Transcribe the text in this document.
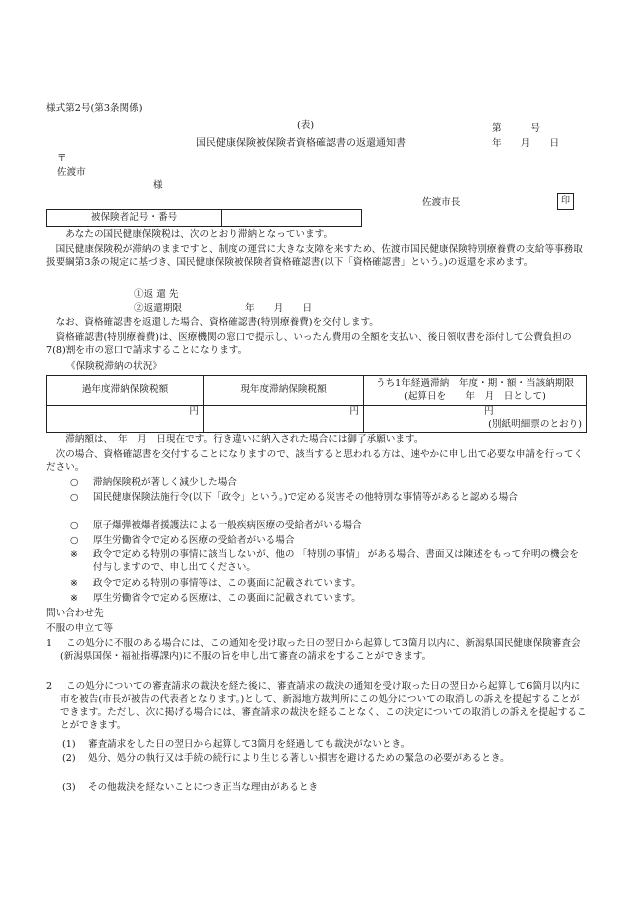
様式第2号(第3条関係)
(表)
国民健康保険被保険者資格確認書の返還通知書
第　　　号
年　　月　　日
〒
佐渡市
様
佐渡市長	印
被保険者記号・番号	
あなたの国民健康保険税は、次のとおり滞納となっています。
国民健康保険税が滞納のままですと、制度の運営に大きな支障を来すため、佐渡市国民健康保険特別療養費の支給等事務取扱要綱第3条の規定に基づき、国民健康保険被保険者資格確認書(以下「資格確認書」という。)の返還を求めます。
①返 還 先
②返還期限	年　　月　　日
なお、資格確認書を返還した場合、資格確認書(特別療養費)を交付します。
資格確認書(特別療養費)は、医療機関の窓口で提示し、いったん費用の全額を支払い、後日領収書を添付して公費負担の7(8)割を市の窓口で請求することになります。
《保険税滞納の状況》
過年度滞納保険税額	現年度滞納保険税額	うち1年経過滞納　年度・期・額・当該納期限
(起算日を　　年　月　日として)

円	円	円
(別紙明細票のとおり)
滞納額は、　年　月　日現在です。行き違いに納入された場合には御了承願います。
次の場合、資格確認書を交付することになりますので、該当すると思われる方は、速やかに申し出て必要な申請を行ってください。
○ 滞納保険税が著しく減少した場合
○ 国民健康保険法施行令(以下「政令」という。)で定める災害その他特別な事情等があると認める場合
○ 原子爆弾被爆者援護法による一般疾病医療の受給者がいる場合
○ 厚生労働省令で定める医療の受給者がいる場合
※ 政令で定める特別の事情に該当しないが、他の 「特別の事情」 がある場合、書面又は陳述をもって弁明の機会を付与しますので、申し出てください。
※ 政令で定める特別の事情等は、この裏面に記載されています。
※ 厚生労働省令で定める医療は、この裏面に記載されています。
問い合わせ先
不服の申立て等
1	この処分に不服のある場合には、この通知を受け取った日の翌日から起算して3箇月以内に、新潟県国民健康保険審査会(新潟県国保・福祉指導課内)に不服の旨を申し出て審査の請求をすることができます。
2	この処分についての審査請求の裁決を経た後に、審査請求の裁決の通知を受け取った日の翌日から起算して6箇月以内に市を被告(市長が被告の代表者となります。)として、新潟地方裁判所にこの処分についての取消しの訴えを提起することができます。ただし、次に掲げる場合には、審査請求の裁決を経ることなく、この決定についての取消しの訴えを提起することができます。
(1) 審査請求をした日の翌日から起算して3箇月を経過しても裁決がないとき。
(2) 処分、処分の執行又は手続の続行により生じる著しい損害を避けるための緊急の必要があるとき。
(3) その他裁決を経ないことにつき正当な理由があるとき
